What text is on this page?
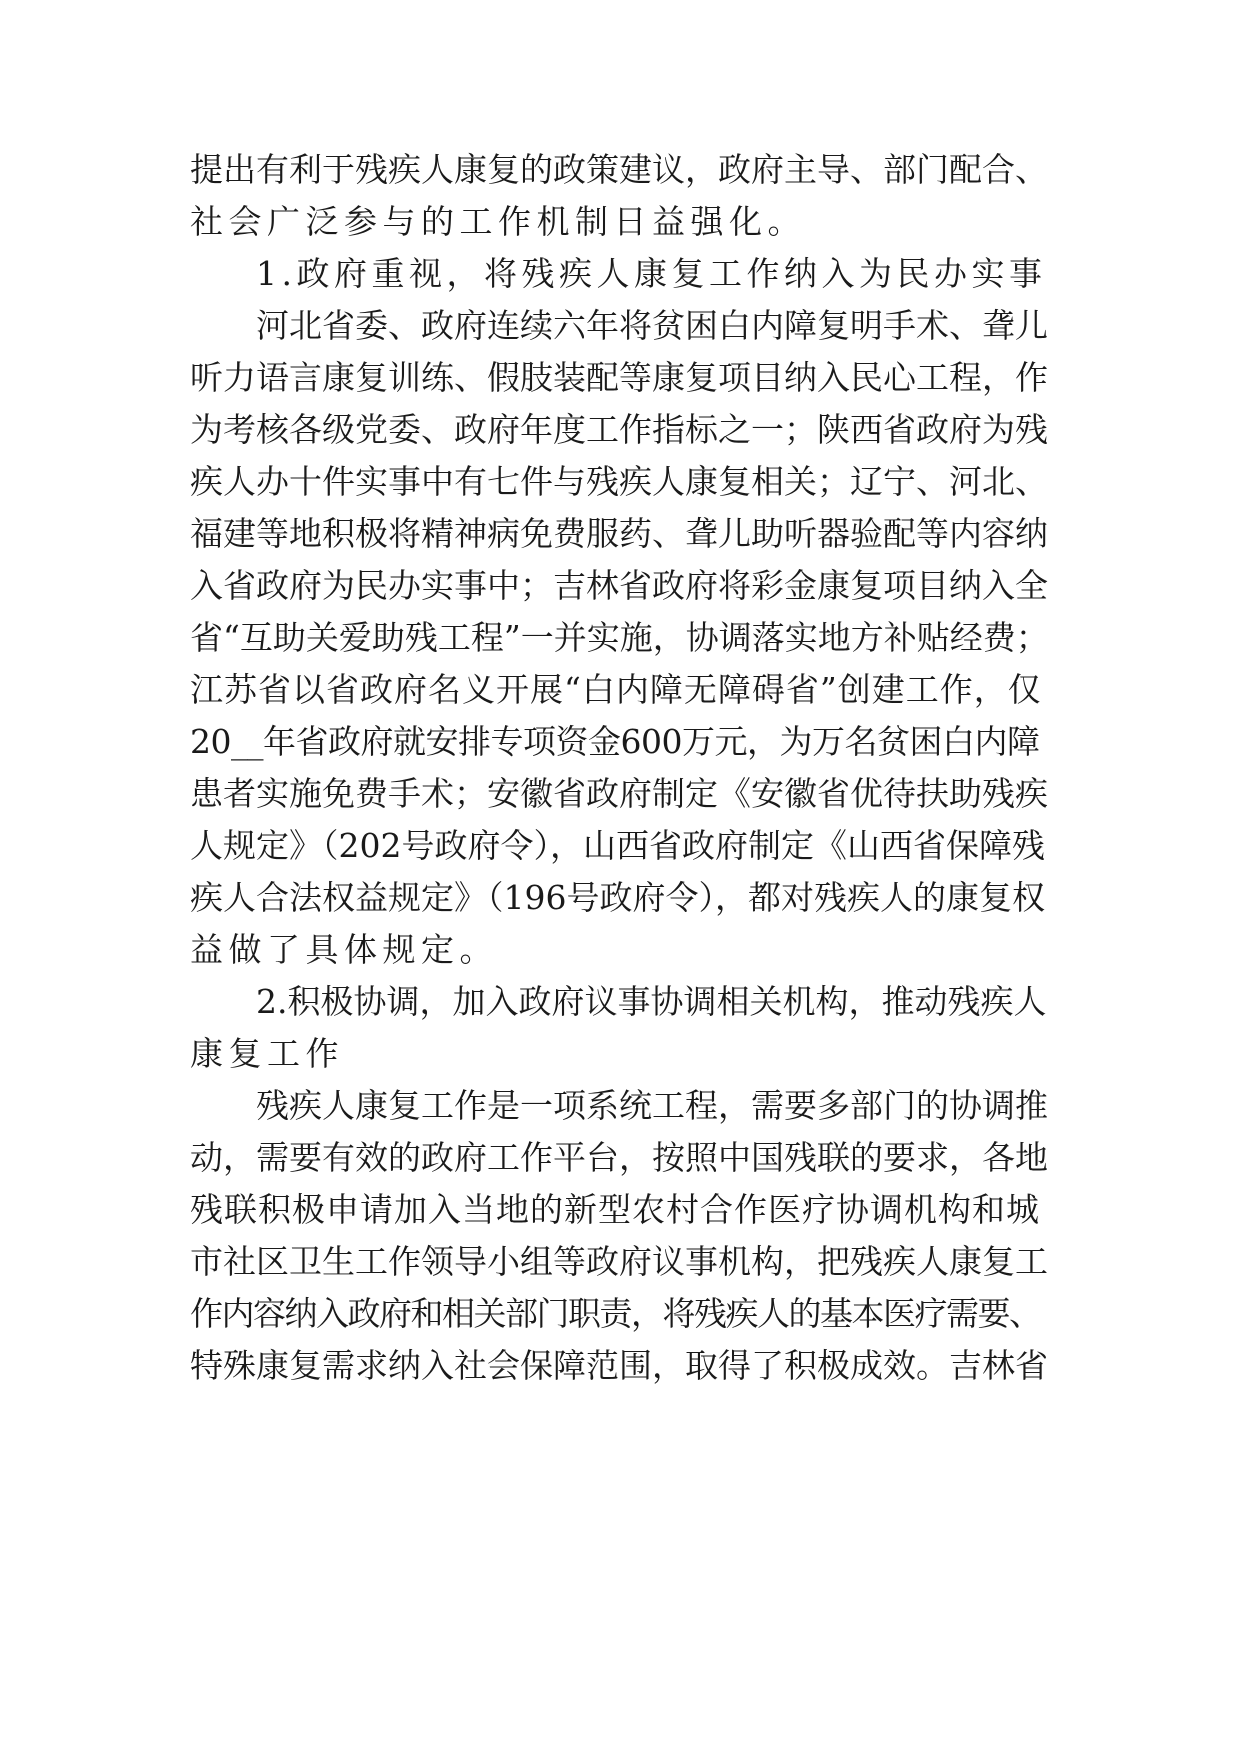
提出有利于残疾人康复的政策建议，政府主导、部门配合、
社会广泛参与的工作机制日益强化。
1.政府重视，将残疾人康复工作纳入为民办实事
河北省委、政府连续六年将贫困白内障复明手术、聋儿
听力语言康复训练、假肢装配等康复项目纳入民心工程，作
为考核各级党委、政府年度工作指标之一；陕西省政府为残
疾人办十件实事中有七件与残疾人康复相关；辽宁、河北、
福建等地积极将精神病免费服药、聋儿助听器验配等内容纳
入省政府为民办实事中；吉林省政府将彩金康复项目纳入全
省“互助关爱助残工程”一并实施，协调落实地方补贴经费；
江苏省以省政府名义开展“白内障无障碍省”创建工作，仅
20__年省政府就安排专项资金600万元，为万名贫困白内障
患者实施免费手术；安徽省政府制定《安徽省优待扶助残疾
人规定》（202号政府令），山西省政府制定《山西省保障残
疾人合法权益规定》（196号政府令），都对残疾人的康复权
益做了具体规定。
2.积极协调，加入政府议事协调相关机构，推动残疾人
康复工作
残疾人康复工作是一项系统工程，需要多部门的协调推
动，需要有效的政府工作平台，按照中国残联的要求，各地
残联积极申请加入当地的新型农村合作医疗协调机构和城
市社区卫生工作领导小组等政府议事机构，把残疾人康复工
作内容纳入政府和相关部门职责，将残疾人的基本医疗需要、
特殊康复需求纳入社会保障范围，取得了积极成效。吉林省
